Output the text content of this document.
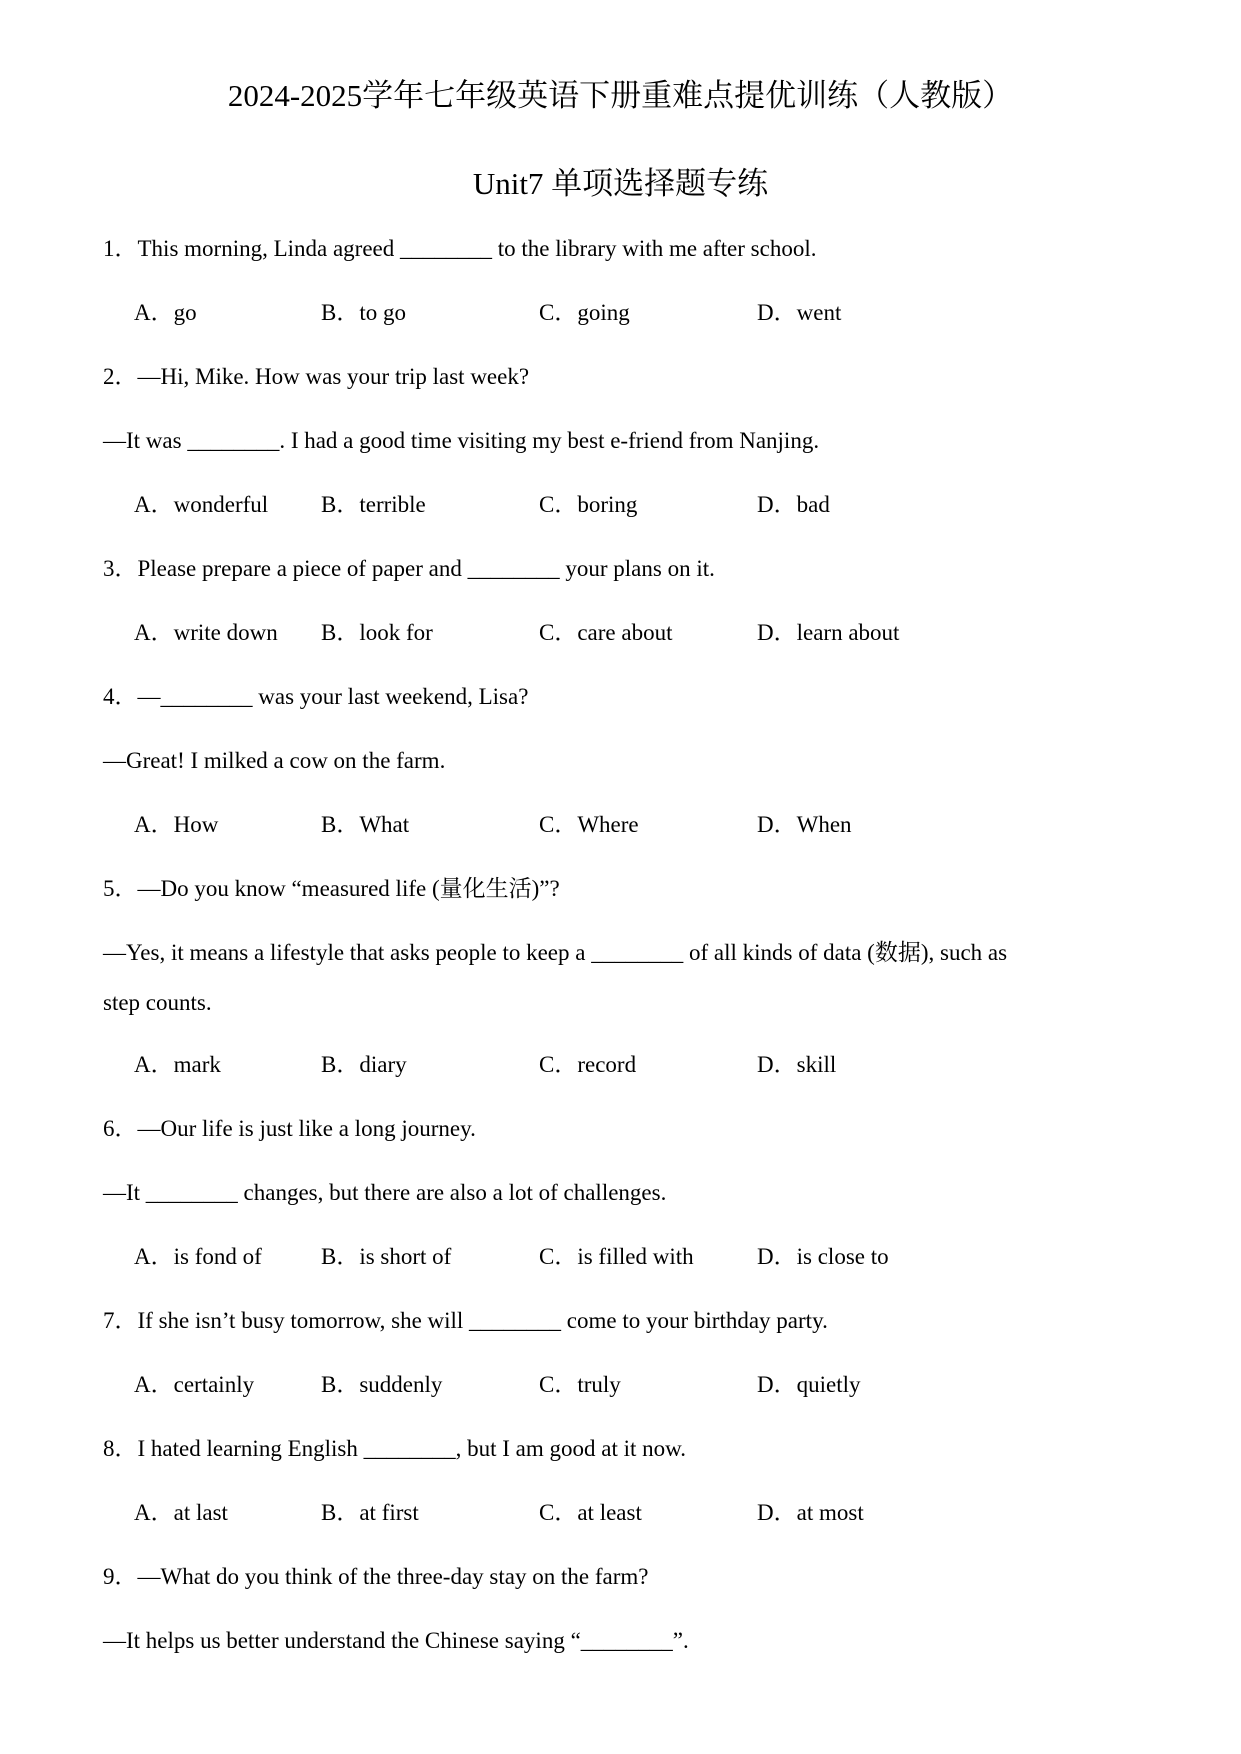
2024-2025学年七年级英语下册重难点提优训练（人教版）
Unit7 单项选择题专练
1．This morning, Linda agreed ________ to the library with me after school.
A．go	B．to go	C．going	D．went
2．—Hi, Mike. How was your trip last week?
—It was ________. I had a good time visiting my best e-friend from Nanjing.
A．wonderful B．terrible	C．boring	D．bad
3．Please prepare a piece of paper and ________ your plans on it.
A．write down B．look for	C．care about	D．learn about
4．—________ was your last weekend, Lisa?
—Great! I milked a cow on the farm.
A．How	B．What	C．Where	D．When
5．—Do you know “measured life (量化生活)”?
—Yes, it means a lifestyle that asks people to keep a ________ of all kinds of data (数据), such as
step counts.
A．mark	B．diary	C．record	D．skill
6．—Our life is just like a long journey.
—It ________ changes, but there are also a lot of challenges.
A．is fond of	B．is short of	C．is filled with	D．is close to
7．If she isn’t busy tomorrow, she will ________ come to your birthday party.
A．certainly	B．suddenly	C．truly	D．quietly
8．I hated learning English ________, but I am good at it now.
A．at last	B．at first	C．at least	D．at most
9．—What do you think of the three-day stay on the farm?
—It helps us better understand the Chinese saying “________”.
